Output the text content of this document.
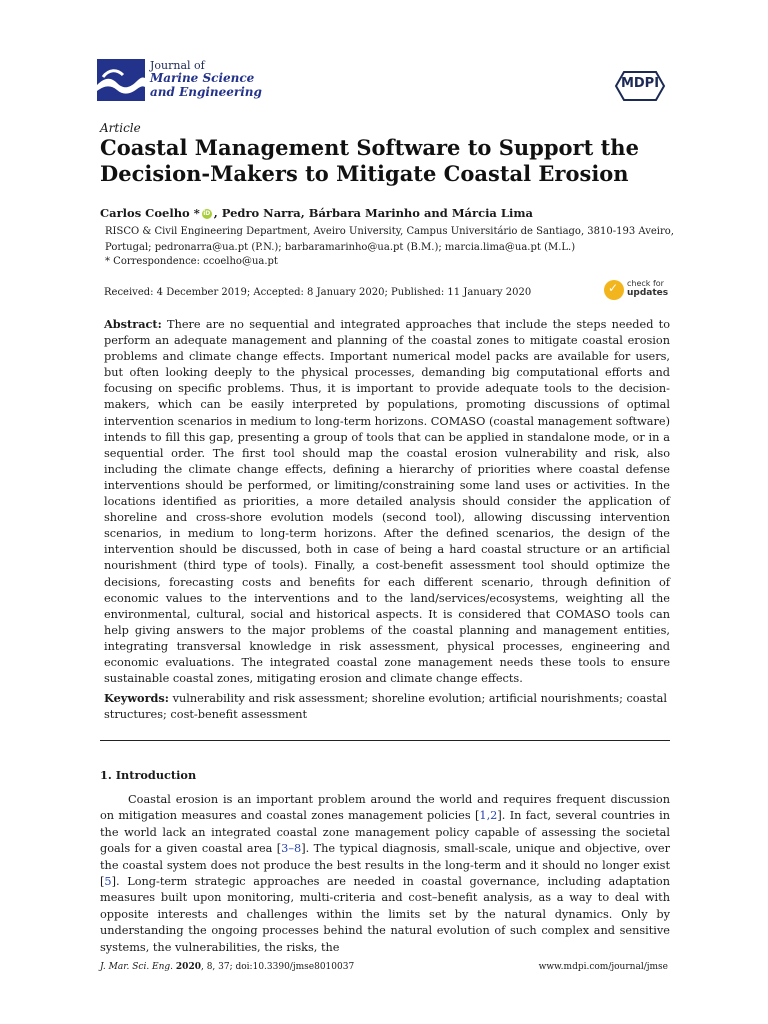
Journal of
Marine Science
and Engineering
MDPI
Article
Coastal Management Software to Support the
Decision-Makers to Mitigate Coastal Erosion
Carlos Coelho * iD , Pedro Narra, Bárbara Marinho and Márcia Lima
RISCO & Civil Engineering Department, Aveiro University, Campus Universitário de Santiago, 3810-193 Aveiro,
Portugal; pedronarra@ua.pt (P.N.); barbaramarinho@ua.pt (B.M.); marcia.lima@ua.pt (M.L.)
* Correspondence: ccoelho@ua.pt
Received: 4 December 2019; Accepted: 8 January 2020; Published: 11 January 2020	✓ check for
updates
Abstract: There are no sequential and integrated approaches that include the steps needed to perform an adequate management and planning of the coastal zones to mitigate coastal erosion problems and climate change effects. Important numerical model packs are available for users, but often looking deeply to the physical processes, demanding big computational efforts and focusing on specific problems. Thus, it is important to provide adequate tools to the decision-makers, which can be easily interpreted by populations, promoting discussions of optimal intervention scenarios in medium to long-term horizons. COMASO (coastal management software) intends to fill this gap, presenting a group of tools that can be applied in standalone mode, or in a sequential order. The first tool should map the coastal erosion vulnerability and risk, also including the climate change effects, defining a hierarchy of priorities where coastal defense interventions should be performed, or limiting/constraining some land uses or activities. In the locations identified as priorities, a more detailed analysis should consider the application of shoreline and cross-shore evolution models (second tool), allowing discussing intervention scenarios, in medium to long-term horizons. After the defined scenarios, the design of the intervention should be discussed, both in case of being a hard coastal structure or an artificial nourishment (third type of tools). Finally, a cost-benefit assessment tool should optimize the decisions, forecasting costs and benefits for each different scenario, through definition of economic values to the interventions and to the land/services/ecosystems, weighting all the environmental, cultural, social and historical aspects. It is considered that COMASO tools can help giving answers to the major problems of the coastal planning and management entities, integrating transversal knowledge in risk assessment, physical processes, engineering and economic evaluations. The integrated coastal zone management needs these tools to ensure sustainable coastal zones, mitigating erosion and climate change effects.
Keywords: vulnerability and risk assessment; shoreline evolution; artificial nourishments; coastal structures; cost-benefit assessment
1. Introduction
Coastal erosion is an important problem around the world and requires frequent discussion on mitigation measures and coastal zones management policies [1,2]. In fact, several countries in the world lack an integrated coastal zone management policy capable of assessing the societal goals for a given coastal area [3–8]. The typical diagnosis, small-scale, unique and objective, over the coastal system does not produce the best results in the long-term and it should no longer exist [5]. Long-term strategic approaches are needed in coastal governance, including adaptation measures built upon monitoring, multi-criteria and cost–benefit analysis, as a way to deal with opposite interests and challenges within the limits set by the natural dynamics. Only by understanding the ongoing processes behind the natural evolution of such complex and sensitive systems, the vulnerabilities, the risks, the
J. Mar. Sci. Eng. 2020, 8, 37; doi:10.3390/jmse8010037	www.mdpi.com/journal/jmse
